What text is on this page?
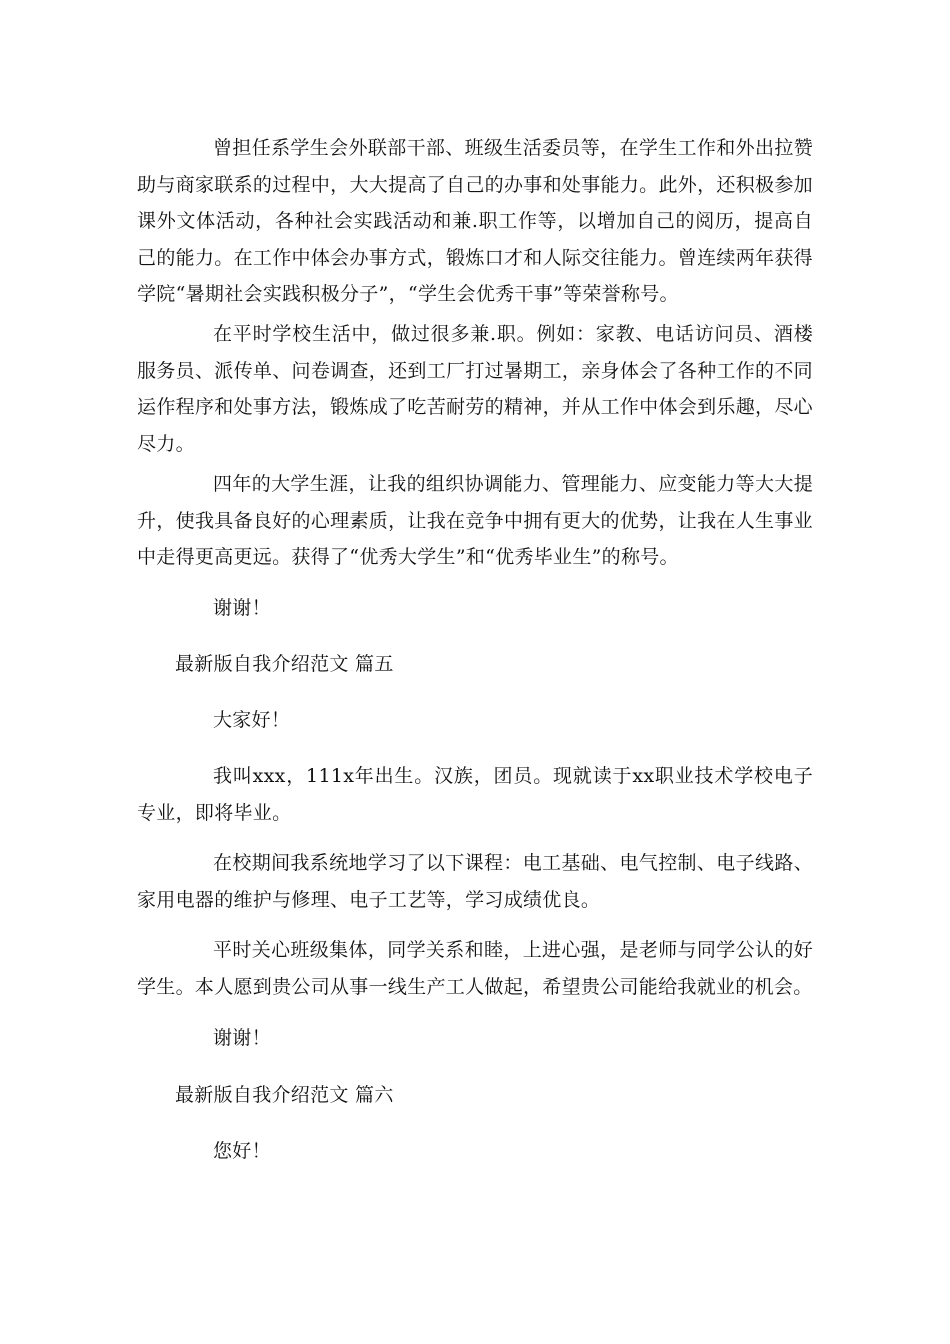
曾担任系学生会外联部干部、班级生活委员等，在学生工作和外出拉赞助与商家联系的过程中，大大提高了自己的办事和处事能力。此外，还积极参加课外文体活动，各种社会实践活动和兼.职工作等，以增加自己的阅历，提高自己的能力。在工作中体会办事方式，锻炼口才和人际交往能力。曾连续两年获得学院“暑期社会实践积极分子”，“学生会优秀干事”等荣誉称号。

在平时学校生活中，做过很多兼.职。例如：家教、电话访问员、酒楼服务员、派传单、问卷调查，还到工厂打过暑期工，亲身体会了各种工作的不同运作程序和处事方法，锻炼成了吃苦耐劳的精神，并从工作中体会到乐趣，尽心尽力。

四年的大学生涯，让我的组织协调能力、管理能力、应变能力等大大提升，使我具备良好的心理素质，让我在竞争中拥有更大的优势，让我在人生事业中走得更高更远。获得了“优秀大学生”和“优秀毕业生”的称号。

谢谢！

最新版自我介绍范文 篇五

大家好！

我叫xxx，111x年出生。汉族，团员。现就读于xx职业技术学校电子专业，即将毕业。

在校期间我系统地学习了以下课程：电工基础、电气控制、电子线路、家用电器的维护与修理、电子工艺等，学习成绩优良。

平时关心班级集体，同学关系和睦，上进心强，是老师与同学公认的好学生。本人愿到贵公司从事一线生产工人做起，希望贵公司能给我就业的机会。

谢谢！

最新版自我介绍范文 篇六

您好！
